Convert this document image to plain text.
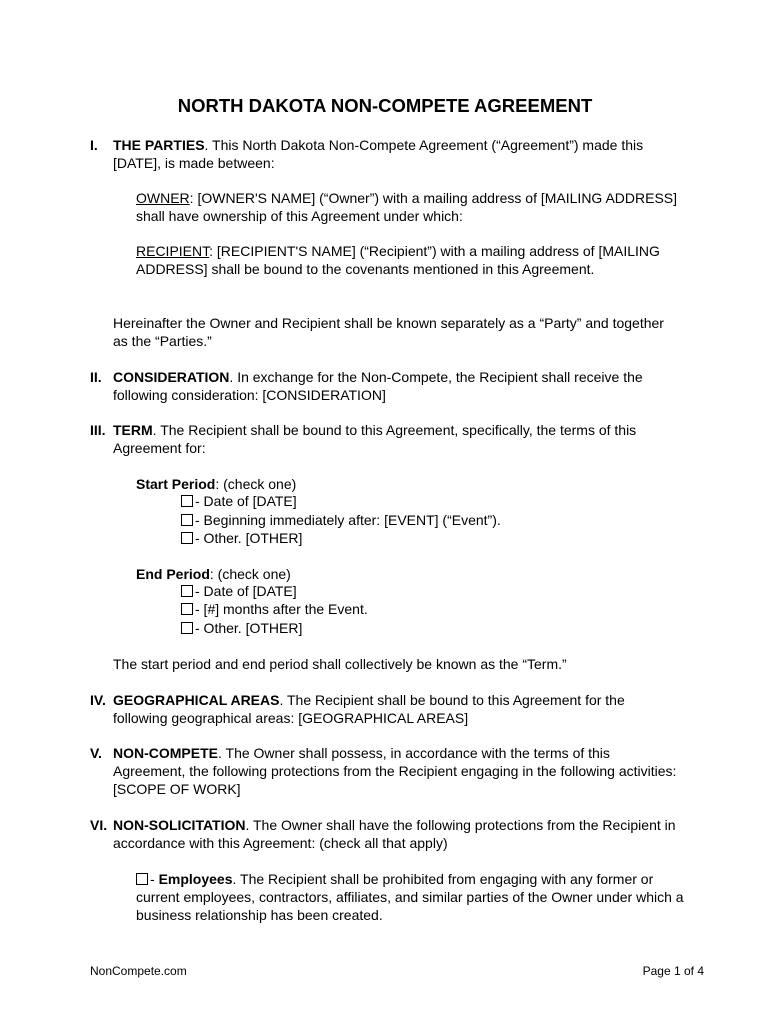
NORTH DAKOTA NON-COMPETE AGREEMENT
I. THE PARTIES. This North Dakota Non-Compete Agreement (“Agreement”) made this [DATE], is made between:
OWNER: [OWNER'S NAME] (“Owner”) with a mailing address of [MAILING ADDRESS] shall have ownership of this Agreement under which:
RECIPIENT: [RECIPIENT'S NAME] (“Recipient”) with a mailing address of [MAILING ADDRESS] shall be bound to the covenants mentioned in this Agreement.
Hereinafter the Owner and Recipient shall be known separately as a “Party” and together as the “Parties.”
II. CONSIDERATION. In exchange for the Non-Compete, the Recipient shall receive the following consideration: [CONSIDERATION]
III. TERM. The Recipient shall be bound to this Agreement, specifically, the terms of this Agreement for:
Start Period: (check one)
- Date of [DATE]
- Beginning immediately after: [EVENT] (“Event”).
- Other. [OTHER]
End Period: (check one)
- Date of [DATE]
- [#] months after the Event.
- Other. [OTHER]
The start period and end period shall collectively be known as the “Term.”
IV. GEOGRAPHICAL AREAS. The Recipient shall be bound to this Agreement for the following geographical areas: [GEOGRAPHICAL AREAS]
V. NON-COMPETE. The Owner shall possess, in accordance with the terms of this Agreement, the following protections from the Recipient engaging in the following activities: [SCOPE OF WORK]
VI. NON-SOLICITATION. The Owner shall have the following protections from the Recipient in accordance with this Agreement: (check all that apply)
- Employees. The Recipient shall be prohibited from engaging with any former or current employees, contractors, affiliates, and similar parties of the Owner under which a business relationship has been created.
NonCompete.com	Page 1 of 4
